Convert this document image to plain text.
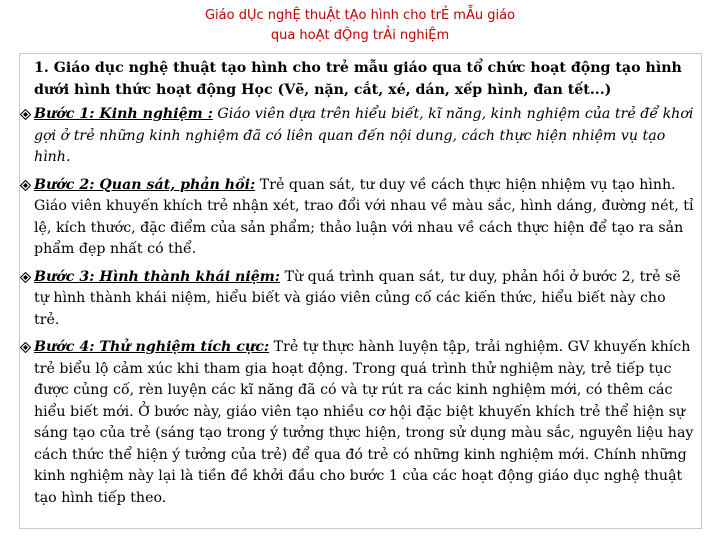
Giáo dỤc nghỆ thuẬt tẠo hình cho trẺ mẪu giáo
qua hoẠt đỘng trẢi nghiỆm
1. Giáo dục nghệ thuật tạo hình cho trẻ mẫu giáo qua tổ chức hoạt động tạo hình dưới hình thức hoạt động Học (Vẽ, nặn, cắt, xé, dán, xếp hình, đan tết...)
Bước 1: Kinh nghiệm : Giáo viên dựa trên hiểu biết, kĩ năng, kinh nghiệm của trẻ để khơi gợi ở trẻ những kinh nghiệm đã có liên quan đến nội dung, cách thực hiện nhiệm vụ tạo hình.
Bước 2: Quan sát, phản hồi: Trẻ quan sát, tư duy về cách thực hiện nhiệm vụ tạo hình. Giáo viên khuyến khích trẻ nhận xét, trao đổi với nhau về màu sắc, hình dáng, đường nét, tỉ lệ, kích thước, đặc điểm của sản phẩm; thảo luận với nhau về cách thực hiện để tạo ra sản phẩm đẹp nhất có thể.
Bước 3: Hình thành khái niệm: Từ quá trình quan sát, tư duy, phản hồi ở bước 2, trẻ sẽ tự hình thành khái niệm, hiểu biết và giáo viên củng cố các kiến thức, hiểu biết này cho trẻ.
Bước 4: Thử nghiệm tích cực: Trẻ tự thực hành luyện tập, trải nghiệm. GV khuyến khích trẻ biểu lộ cảm xúc khi tham gia hoạt động. Trong quá trình thử nghiệm này, trẻ tiếp tục được củng cố, rèn luyện các kĩ năng đã có và tự rút ra các kinh nghiệm mới, có thêm các hiểu biết mới. Ở bước này, giáo viên tạo nhiều cơ hội đặc biệt khuyến khích trẻ thể hiện sự sáng tạo của trẻ (sáng tạo trong ý tưởng thực hiện, trong sử dụng màu sắc, nguyên liệu hay cách thức thể hiện ý tưởng của trẻ) để qua đó trẻ có những kinh nghiệm mới. Chính những kinh nghiệm này lại là tiền đề khởi đầu cho bước 1 của các hoạt động giáo dục nghệ thuật tạo hình tiếp theo.
